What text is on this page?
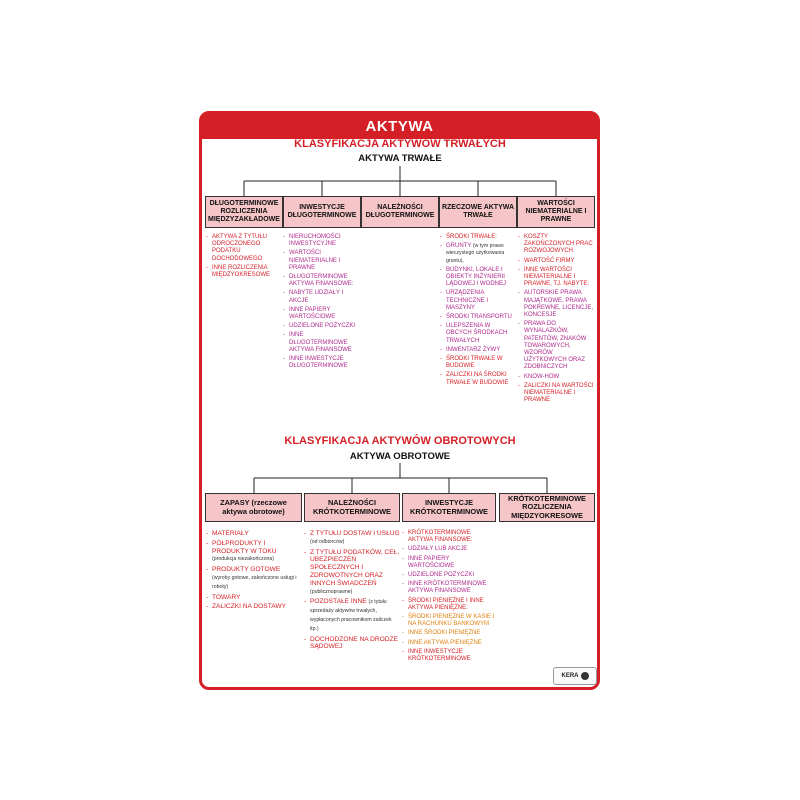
AKTYWA
KLASYFIKACJA AKTYWÓW TRWAŁYCH
AKTYWA TRWAŁE
DŁUGOTERMINOWE ROZLICZENIA MIĘDZYZAKŁADOWE
INWESTYCJE DŁUGOTERMINOWE
NALEŻNOŚCI DŁUGOTERMINOWE
RZECZOWE AKTYWA TRWAŁE
WARTOŚCI NIEMATERIALNE I PRAWNE
- AKTYWA Z TYTUŁU ODROCZONEGO PODATKU DOCHODOWEGO
- INNE ROZLICZENIA MIĘDZYOKRESOWE
- NIERUCHOMOŚCI INWESTYCYJNE
- WARTOŚCI NIEMATERIALNE I PRAWNE
- DŁUGOTERMINOWE AKTYWA FINANSOWE:
- NABYTE UDZIAŁY I AKCJE
- INNE PAPIERY WARTOŚCIOWE
- UDZIELONE POŻYCZKI
- INNE DŁUGOTERMINOWE AKTYWA FINANSOWE
- INNE INWESTYCJE DŁUGOTERMINOWE
- ŚRODKI TRWAŁE:
- GRUNTY (w tym prawo wieczystego użytkowania gruntu),
- BUDYNKI, LOKALE I OBIEKTY INŻYNIERII LĄDOWEJ I WODNEJ
- URZĄDZENIA TECHNICZNE I MASZYNY
- ŚRODKI TRANSPORTU
- ULEPSZENIA W OBCYCH ŚRODKACH TRWAŁYCH
- INWENTARZ ŻYWY
- ŚRODKI TRWAŁE W BUDOWIE
- ZALICZKI NA ŚRODKI TRWAŁE W BUDOWIE
- KOSZTY ZAKOŃCZONYCH PRAC ROZWOJOWYCH
- WARTOŚĆ FIRMY
- INNE WARTOŚCI NIEMATERIALNE I PRAWNE, TJ. NABYTE:
- AUTORSKIE PRAWA MAJĄTKOWE, PRAWA POKREWNE, LICENCJE, KONCESJE
- PRAWA DO WYNALAZKÓW, PATENTÓW, ZNAKÓW TOWAROWYCH, WZORÓW UŻYTKOWYCH ORAZ ZDOBNICZYCH
- KNOW-HOW
- ZALICZKI NA WARTOŚCI NIEMATERIALNE I PRAWNE
KLASYFIKACJA AKTYWÓW OBROTOWYCH
AKTYWA OBROTOWE
ZAPASY (rzeczowe aktywa obrotowe)
NALEŻNOŚCI KRÓTKOTERMINOWE
INWESTYCJE KRÓTKOTERMINOWE
KRÓTKOTERMINOWE ROZLICZENIA MIĘDZYOKRESOWE
- MATERIAŁY
- PÓŁPRODUKTY I PRODUKTY W TOKU
(produkcja niezakończona)
- PRODUKTY GOTOWE (wyroby gotowe, zakończone usługi i roboty)
- TOWARY
- ZALICZKI NA DOSTAWY
- Z TYTUŁU DOSTAW I USŁUG (od odbiorców)
- Z TYTUŁU PODATKÓW, CEŁ, UBEZPIECZEŃ SPOŁECZNYCH I ZDROWOTNYCH ORAZ INNYCH ŚWIADCZEŃ (publicznoprawne)
- POZOSTAŁE INNE (z tytułu sprzedaży aktywów trwałych, wypłaconych pracownikom zaliczek itp.)
- DOCHODZONE NA DRODZE SĄDOWEJ
- KRÓTKOTERMINOWE AKTYWA FINANSOWE:
- UDZIAŁY LUB AKCJE
- INNE PAPIERY WARTOŚCIOWE
- UDZIELONE POŻYCZKI
- INNE KRÓTKOTERMINOWE AKTYWA FINANSOWE
- ŚRODKI PIENIĘŻNE I INNE AKTYWA PIENIĘŻNE:
- ŚRODKI PIENIĘŻNE W KASIE I NA RACHUNKU BANKOWYM
- INNE ŚRODKI PIENIĘŻNE
- INNE AKTYWA PIENIĘŻNE
- INNE INWESTYCJE KRÓTKOTERMINOWE
KERA
